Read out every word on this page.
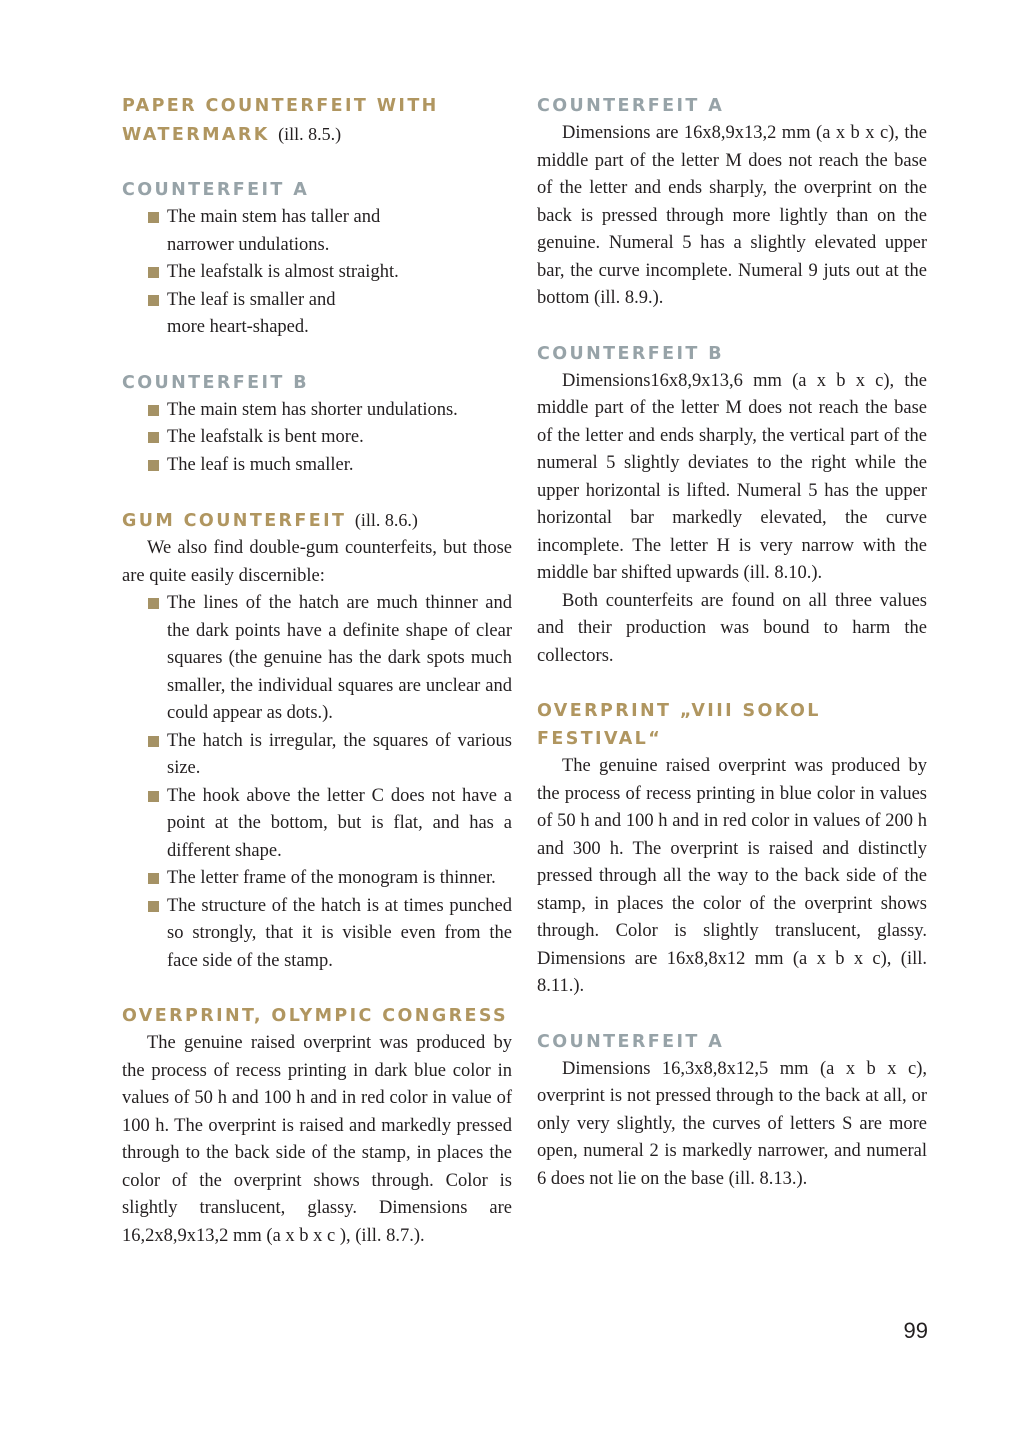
PAPER COUNTERFEIT WITH
WATERMARK (ill. 8.5.)
COUNTERFEIT A
The main stem has taller and
narrower undulations.
The leafstalk is almost straight.
The leaf is smaller and
more heart-shaped.
COUNTERFEIT B
The main stem has shorter undulations.
The leafstalk is bent more.
The leaf is much smaller.
GUM COUNTERFEIT (ill. 8.6.)

We also find double-gum counterfeits, but those are quite easily discernible:

The lines of the hatch are much thinner and the dark points have a definite shape of clear squares (the genuine has the dark spots much smaller, the individual squares are unclear and could appear as dots.).
The hatch is irregular, the squares of various size.
The hook above the letter C does not have a point at the bottom, but is flat, and has a different shape.
The letter frame of the monogram is thinner.
The structure of the hatch is at times punched so strongly, that it is visible even from the face side of the stamp.
OVERPRINT, OLYMPIC CONGRESS

The genuine raised overprint was produced by the process of recess printing in dark blue color in values of 50 h and 100 h and in red color in value of 100 h. The overprint is raised and markedly pressed through to the back side of the stamp, in places the color of the overprint shows through. Color is slightly translucent, glassy. Dimensions are 16,2x8,9x13,2 mm (a x b x c ), (ill. 8.7.).

COUNTERFEIT A

Dimensions are 16x8,9x13,2 mm (a x b x c), the middle part of the letter M does not reach the base of the letter and ends sharply, the overprint on the back is pressed through more lightly than on the genuine. Numeral 5 has a slightly elevated upper bar, the curve incomplete. Numeral 9 juts out at the bottom (ill. 8.9.).

COUNTERFEIT B

Dimensions16x8,9x13,6 mm (a x b x c), the middle part of the letter M does not reach the base of the letter and ends sharply, the vertical part of the numeral 5 slightly deviates to the right while the upper horizontal is lifted. Numeral 5 has the upper horizontal bar markedly elevated, the curve incomplete. The letter H is very narrow with the middle bar shifted upwards (ill. 8.10.).

Both counterfeits are found on all three values and their production was bound to harm the collectors.

OVERPRINT „VIII SOKOL
FESTIVAL“

The genuine raised overprint was produced by the process of recess printing in blue color in values of 50 h and 100 h and in red color in values of 200 h and 300 h. The overprint is raised and distinctly pressed through all the way to the back side of the stamp, in places the color of the overprint shows through. Color is slightly translucent, glassy. Dimensions are 16x8,8x12 mm (a x b x c), (ill. 8.11.).

COUNTERFEIT A

Dimensions 16,3x8,8x12,5 mm (a x b x c), overprint is not pressed through to the back at all, or only very slightly, the curves of letters S are more open, numeral 2 is markedly narrower, and numeral 6 does not lie on the base (ill. 8.13.).

99
